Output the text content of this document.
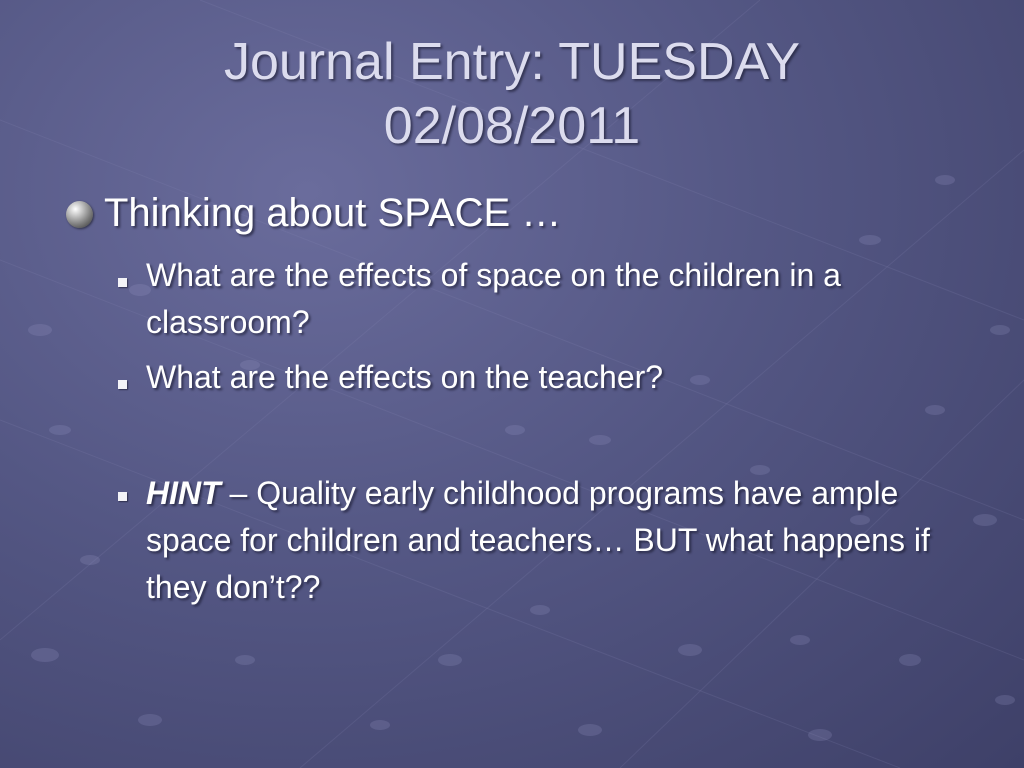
Journal Entry: TUESDAY
02/08/2011
Thinking about SPACE …
What are the effects of space on the children in a classroom?
What are the effects on the teacher?
HINT – Quality early childhood programs have ample space for children and teachers… BUT what happens if they don’t??
